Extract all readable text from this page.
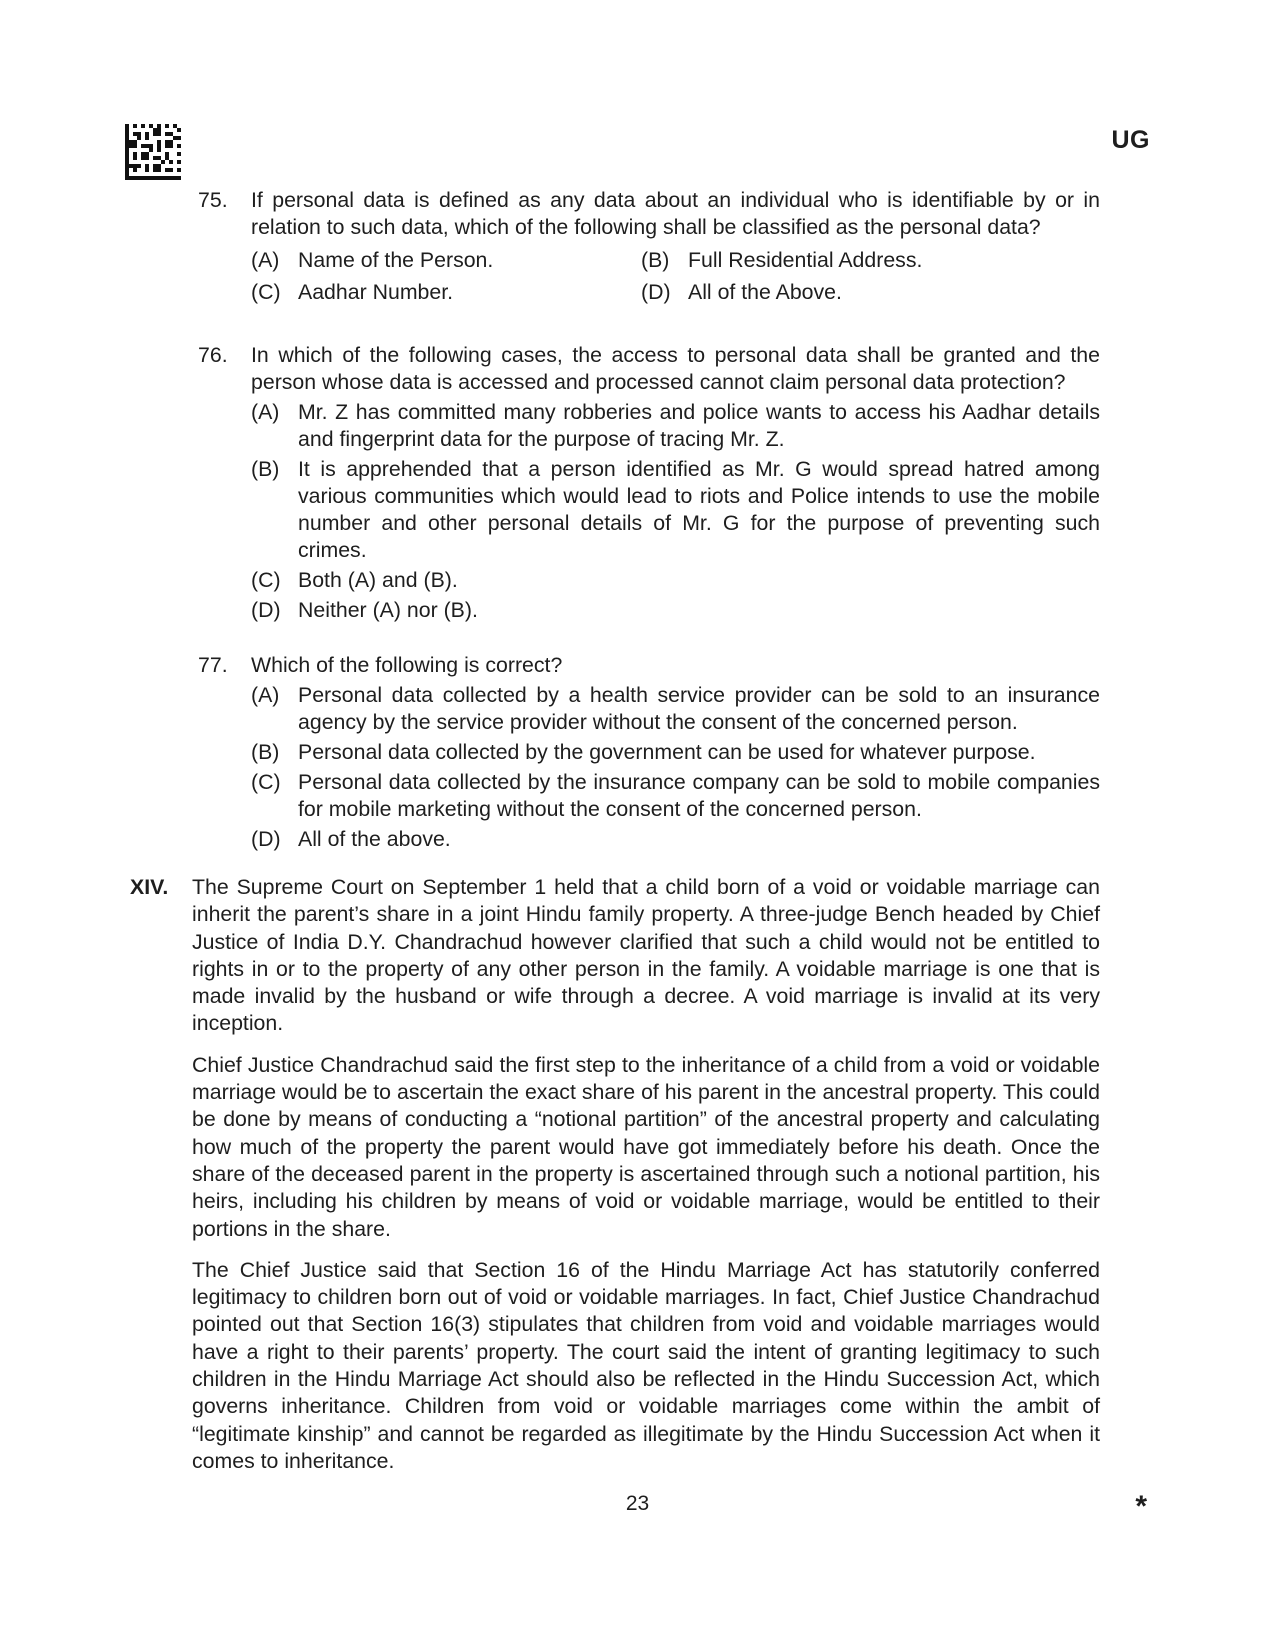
UG
75.	If personal data is defined as any data about an individual who is identifiable by or in relation to such data, which of the following shall be classified as the personal data?
(A) Name of the Person.	(B) Full Residential Address.
(C) Aadhar Number.	(D) All of the Above.
76.	In which of the following cases, the access to personal data shall be granted and the person whose data is accessed and processed cannot claim personal data protection?
(A) Mr. Z has committed many robberies and police wants to access his Aadhar details and fingerprint data for the purpose of tracing Mr. Z.
(B) It is apprehended that a person identified as Mr. G would spread hatred among various communities which would lead to riots and Police intends to use the mobile number and other personal details of Mr. G for the purpose of preventing such crimes.
(C) Both (A) and (B).
(D) Neither (A) nor (B).
77.	Which of the following is correct?
(A) Personal data collected by a health service provider can be sold to an insurance agency by the service provider without the consent of the concerned person.
(B) Personal data collected by the government can be used for whatever purpose.
(C) Personal data collected by the insurance company can be sold to mobile companies for mobile marketing without the consent of the concerned person.
(D) All of the above.
XIV.	The Supreme Court on September 1 held that a child born of a void or voidable marriage can inherit the parent’s share in a joint Hindu family property. A three-judge Bench headed by Chief Justice of India D.Y. Chandrachud however clarified that such a child would not be entitled to rights in or to the property of any other person in the family. A voidable marriage is one that is made invalid by the husband or wife through a decree. A void marriage is invalid at its very inception.

Chief Justice Chandrachud said the first step to the inheritance of a child from a void or voidable marriage would be to ascertain the exact share of his parent in the ancestral property. This could be done by means of conducting a “notional partition” of the ancestral property and calculating how much of the property the parent would have got immediately before his death. Once the share of the deceased parent in the property is ascertained through such a notional partition, his heirs, including his children by means of void or voidable marriage, would be entitled to their portions in the share.

The Chief Justice said that Section 16 of the Hindu Marriage Act has statutorily conferred legitimacy to children born out of void or voidable marriages. In fact, Chief Justice Chandrachud pointed out that Section 16(3) stipulates that children from void and voidable marriages would have a right to their parents’ property. The court said the intent of granting legitimacy to such children in the Hindu Marriage Act should also be reflected in the Hindu Succession Act, which governs inheritance. Children from void or voidable marriages come within the ambit of “legitimate kinship” and cannot be regarded as illegitimate by the Hindu Succession Act when it comes to inheritance.

23	*
